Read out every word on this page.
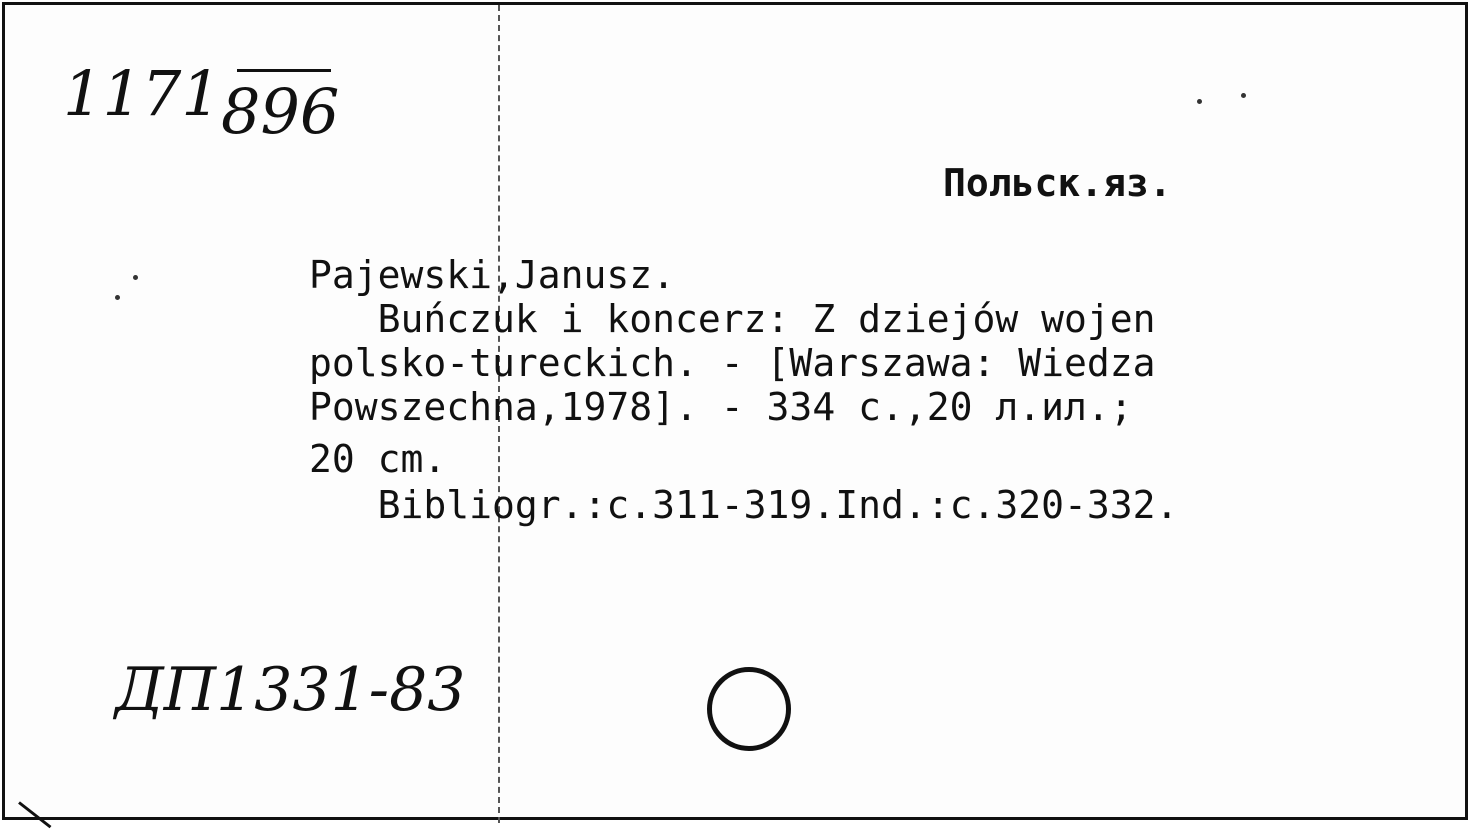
1171 896
Польск.яз.
Pajewski,Janusz.
Buńczuk i koncerz: Z dziejów wojen
polsko-tureckich. - [Warszawa: Wiedza
Powszechna,1978]. - 334 c.,20 л.ил.;
20 cm.
Bibliogr.:c.311-319.Ind.:c.320-332.
ДП1331-83
